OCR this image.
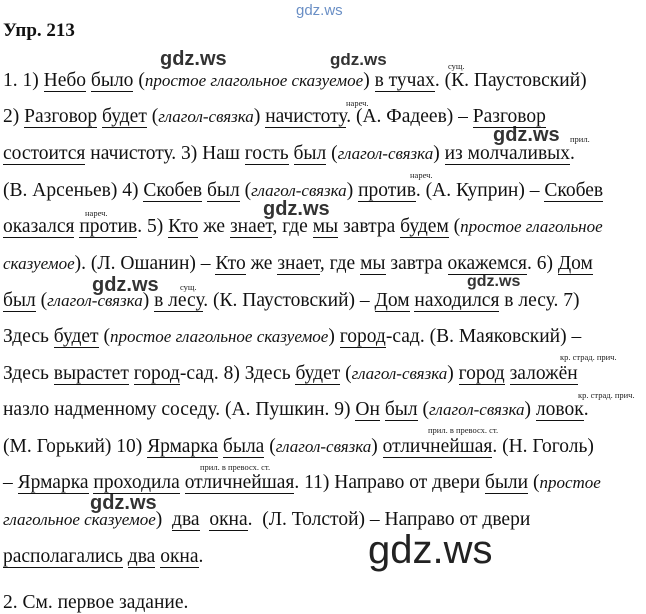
gdz.ws
Упр. 213
gdz.ws	gdz.ws
gdz.ws
gdz.ws
gdz.ws	gdz.ws
gdz.ws
gdz.ws
сущ.
нареч.
прил.
нареч.
нареч.
сущ.
кр. страд. прич.
кр. страд. прич.
прил. в превосх. ст.
прил. в превосх. ст.
1. 1) Небо было (простое глагольное сказуемое) в тучах. (К. Паустовский)
2) Разговор будет (глагол-связка) начистоту. (А. Фадеев) – Разговор
состоится начистоту. 3) Наш гость был (глагол-связка) из молчаливых.
(В. Арсеньев) 4) Скобев был (глагол-связка) против. (А. Куприн) – Скобев
оказался против. 5) Кто же знает, где мы завтра будем (простое глагольное
сказуемое). (Л. Ошанин) – Кто же знает, где мы завтра окажемся. 6) Дом
был (глагол-связка) в лесу. (К. Паустовский) – Дом находился в лесу. 7)
Здесь будет (простое глагольное сказуемое) город-сад. (В. Маяковский) –
Здесь вырастет город-сад. 8) Здесь будет (глагол-связка) город заложён
назло надменному соседу. (А. Пушкин. 9) Он был (глагол-связка) ловок.
(М. Горький) 10) Ярмарка была (глагол-связка) отличнейшая. (Н. Гоголь)
– Ярмарка проходила отличнейшая. 11) Направо от двери были (простое
глагольное сказуемое)  два окна.  (Л. Толстой) – Направо от двери
располагались два окна.
2. См. первое задание.
